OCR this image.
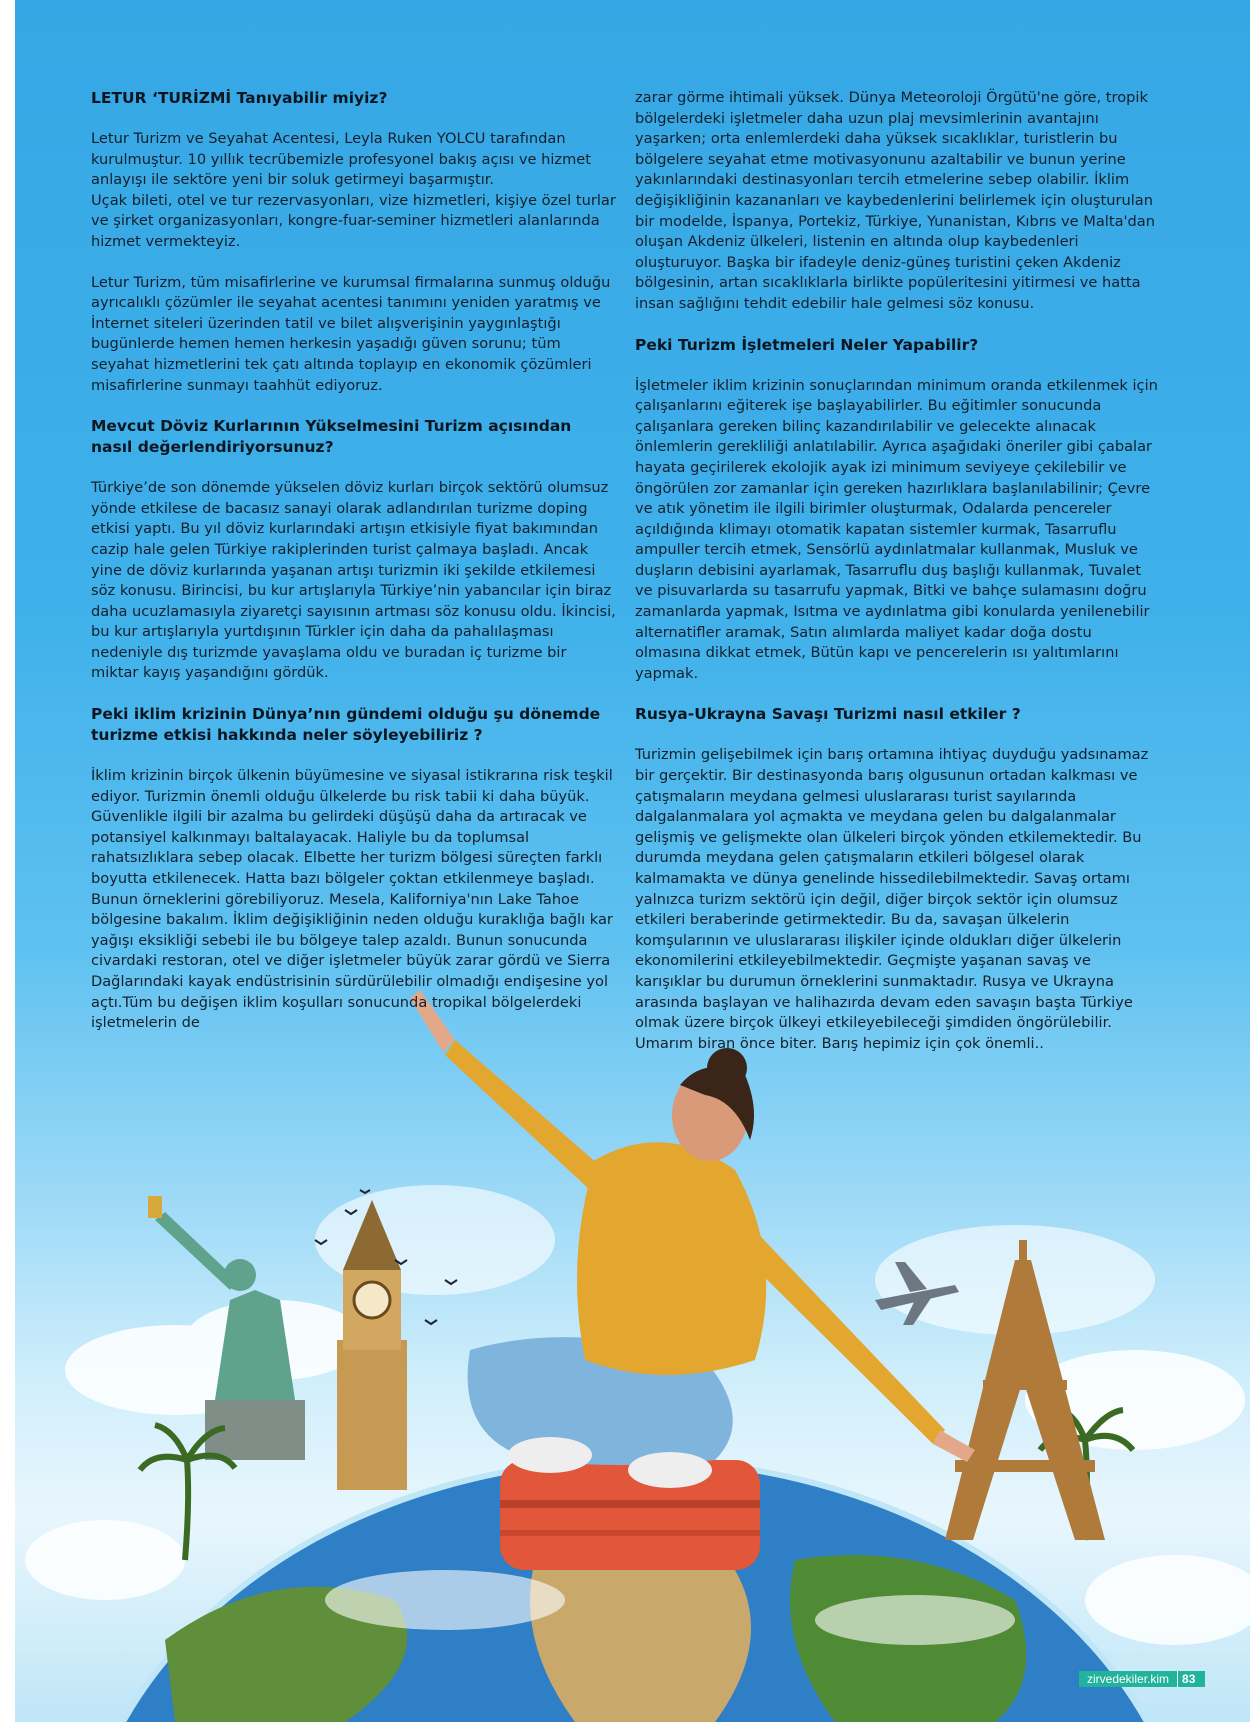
LETUR ‘TURİZMİ Tanıyabilir miyiz?

Letur Turizm ve Seyahat Acentesi, Leyla Ruken YOLCU tarafından kurulmuştur. 10 yıllık tecrübemizle profesyonel bakış açısı ve hizmet anlayışı ile sektöre yeni bir soluk getirmeyi başarmıştır.
Uçak bileti, otel ve tur rezervasyonları, vize hizmetleri, kişiye özel turlar ve şirket organizasyonları, kongre-fuar-seminer hizmetleri alanlarında hizmet vermekteyiz.

Letur Turizm, tüm misafirlerine ve kurumsal firmalarına sunmuş olduğu ayrıcalıklı çözümler ile seyahat acentesi tanımını yeniden yaratmış ve İnternet siteleri üzerinden tatil ve bilet alışverişinin yaygınlaştığı bugünlerde hemen hemen herkesin yaşadığı güven sorunu; tüm seyahat hizmetlerini tek çatı altında toplayıp en ekonomik çözümleri misafirlerine sunmayı taahhüt ediyoruz.

Mevcut Döviz Kurlarının Yükselmesini Turizm açısından nasıl değerlendiriyorsunuz?

Türkiye’de son dönemde yükselen döviz kurları birçok sektörü olumsuz yönde etkilese de bacasız sanayi olarak adlandırılan turizme doping etkisi yaptı. Bu yıl döviz kurlarındaki artışın etkisiyle fiyat bakımından cazip hale gelen Türkiye rakiplerinden turist çalmaya başladı. Ancak yine de döviz kurlarında yaşanan artışı turizmin iki şekilde etkilemesi söz konusu. Birincisi, bu kur artışlarıyla Türkiye’nin yabancılar için biraz daha ucuzlamasıyla ziyaretçi sayısının artması söz konusu oldu. İkincisi, bu kur artışlarıyla yurtdışının Türkler için daha da pahalılaşması nedeniyle dış turizmde yavaşlama oldu ve buradan iç turizme bir miktar kayış yaşandığını gördük.

Peki iklim krizinin Dünya’nın gündemi olduğu şu dönemde turizme etkisi hakkında neler söyleyebiliriz ?

İklim krizinin birçok ülkenin büyümesine ve siyasal istikrarına risk teşkil ediyor. Turizmin önemli olduğu ülkelerde bu risk tabii ki daha büyük. Güvenlikle ilgili bir azalma bu gelirdeki düşüşü daha da artıracak ve potansiyel kalkınmayı baltalayacak. Haliyle bu da toplumsal rahatsızlıklara sebep olacak. Elbette her turizm bölgesi süreçten farklı boyutta etkilenecek. Hatta bazı bölgeler çoktan etkilenmeye başladı. Bunun örneklerini görebiliyoruz. Mesela, Kaliforniya'nın Lake Tahoe bölgesine bakalım. İklim değişikliğinin neden olduğu kuraklığa bağlı kar yağışı eksikliği sebebi ile bu bölgeye talep azaldı. Bunun sonucunda civardaki restoran, otel ve diğer işletmeler büyük zarar gördü ve Sierra Dağlarındaki kayak endüstrisinin sürdürülebilir olmadığı endişesine yol açtı.Tüm bu değişen iklim koşulları sonucunda tropikal bölgelerdeki işletmelerin de

zarar görme ihtimali yüksek. Dünya Meteoroloji Örgütü'ne göre, tropik bölgelerdeki işletmeler daha uzun plaj mevsimlerinin avantajını yaşarken; orta enlemlerdeki daha yüksek sıcaklıklar, turistlerin bu bölgelere seyahat etme motivasyonunu azaltabilir ve bunun yerine yakınlarındaki destinasyonları tercih etmelerine sebep olabilir. İklim değişikliğinin kazananları ve kaybedenlerini belirlemek için oluşturulan bir modelde, İspanya, Portekiz, Türkiye, Yunanistan, Kıbrıs ve Malta'dan oluşan Akdeniz ülkeleri, listenin en altında olup kaybedenleri oluşturuyor. Başka bir ifadeyle deniz-güneş turistini çeken Akdeniz bölgesinin, artan sıcaklıklarla birlikte popüleritesini yitirmesi ve hatta insan sağlığını tehdit edebilir hale gelmesi söz konusu.

Peki Turizm İşletmeleri Neler Yapabilir?

İşletmeler iklim krizinin sonuçlarından minimum oranda etkilenmek için çalışanlarını eğiterek işe başlayabilirler. Bu eğitimler sonucunda çalışanlara gereken bilinç kazandırılabilir ve gelecekte alınacak önlemlerin gerekliliği anlatılabilir. Ayrıca aşağıdaki öneriler gibi çabalar hayata geçirilerek ekolojik ayak izi minimum seviyeye çekilebilir ve öngörülen zor zamanlar için gereken hazırlıklara başlanılabilinir; Çevre ve atık yönetim ile ilgili birimler oluşturmak, Odalarda pencereler açıldığında klimayı otomatik kapatan sistemler kurmak, Tasarruflu ampuller tercih etmek, Sensörlü aydınlatmalar kullanmak, Musluk ve duşların debisini ayarlamak, Tasarruflu duş başlığı kullanmak, Tuvalet ve pisuvarlarda su tasarrufu yapmak, Bitki ve bahçe sulamasını doğru zamanlarda yapmak, Isıtma ve aydınlatma gibi konularda yenilenebilir alternatifler aramak, Satın alımlarda maliyet kadar doğa dostu olmasına dikkat etmek, Bütün kapı ve pencerelerin ısı yalıtımlarını yapmak.

Rusya-Ukrayna Savaşı Turizmi nasıl etkiler ?

Turizmin gelişebilmek için barış ortamına ihtiyaç duyduğu yadsınamaz bir gerçektir. Bir destinasyonda barış olgusunun ortadan kalkması ve çatışmaların meydana gelmesi uluslararası turist sayılarında dalgalanmalara yol açmakta ve meydana gelen bu dalgalanmalar gelişmiş ve gelişmekte olan ülkeleri birçok yönden etkilemektedir. Bu durumda meydana gelen çatışmaların etkileri bölgesel olarak kalmamakta ve dünya genelinde hissedilebilmektedir. Savaş ortamı yalnızca turizm sektörü için değil, diğer birçok sektör için olumsuz etkileri beraberinde getirmektedir. Bu da, savaşan ülkelerin komşularının ve uluslararası ilişkiler içinde oldukları diğer ülkelerin ekonomilerini etkileyebilmektedir. Geçmişte yaşanan savaş ve karışıklar bu durumun örneklerini sunmaktadır. Rusya ve Ukrayna arasında başlayan ve halihazırda devam eden savaşın başta Türkiye olmak üzere birçok ülkeyi etkileyebileceği şimdiden öngörülebilir. Umarım biran önce biter. Barış hepimiz için çok önemli..

zirvedekiler.kim	83
